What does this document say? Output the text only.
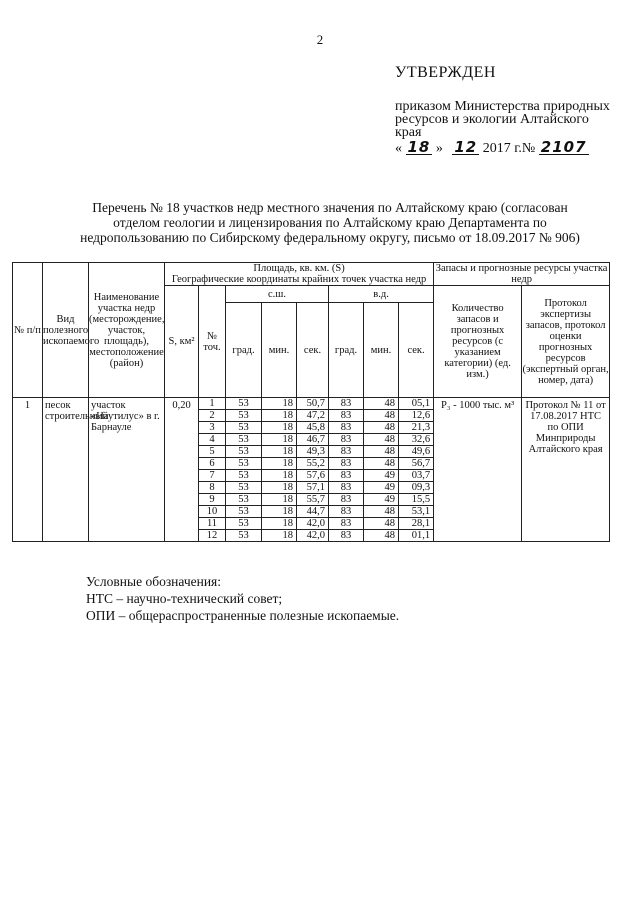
2
УТВЕРЖДЕН
приказом Министерства природных ресурсов и экологии Алтайского края
« 18 » 12 2017 г.№ 2107
Перечень № 18 участков недр местного значения по Алтайскому краю (согласован отделом геологии и лицензирования по Алтайскому краю Департамента по недропользованию по Сибирскому федеральному округу, письмо от 18.09.2017 № 906)
№ п/п	Вид полезного ископаемого	Наименование участка недр (месторождение, участок, площадь), местоположение (район)	Площадь, кв. км. (S)
Географические координаты крайних точек участка недр								Запасы и прогнозные ресурсы участка недр	
			S, км²	№ точ.	с.ш.			в.д.			Количество запасов и прогнозных ресурсов (с указанием категории) (ед. изм.)	Протокол экспертизы запасов, протокол оценки прогнозных ресурсов (экспертный орган, номер, дата)
					град.	мин.	сек.	град.	мин.	сек.		

1	песок строительный	участок «Наутилус» в г. Барнауле	0,20	1	53	18	50,7	83	48	05,1	Р₃ - 1000 тыс. м³	Протокол № 11 от 17.08.2017 НТС по ОПИ Минприроды Алтайского края

				2	53	18	47,2	83	48	12,6		
				3	53	18	45,8	83	48	21,3		
				4	53	18	46,7	83	48	32,6		
				5	53	18	49,3	83	48	49,6		
				6	53	18	55,2	83	48	56,7		
				7	53	18	57,6	83	49	03,7		
				8	53	18	57,1	83	49	09,3		
				9	53	18	55,7	83	49	15,5		
				10	53	18	44,7	83	48	53,1		
				11	53	18	42,0	83	48	28,1		
				12	53	18	42,0	83	48	01,1		
Условные обозначения:
НТС – научно-технический совет;
ОПИ – общераспространенные полезные ископаемые.
